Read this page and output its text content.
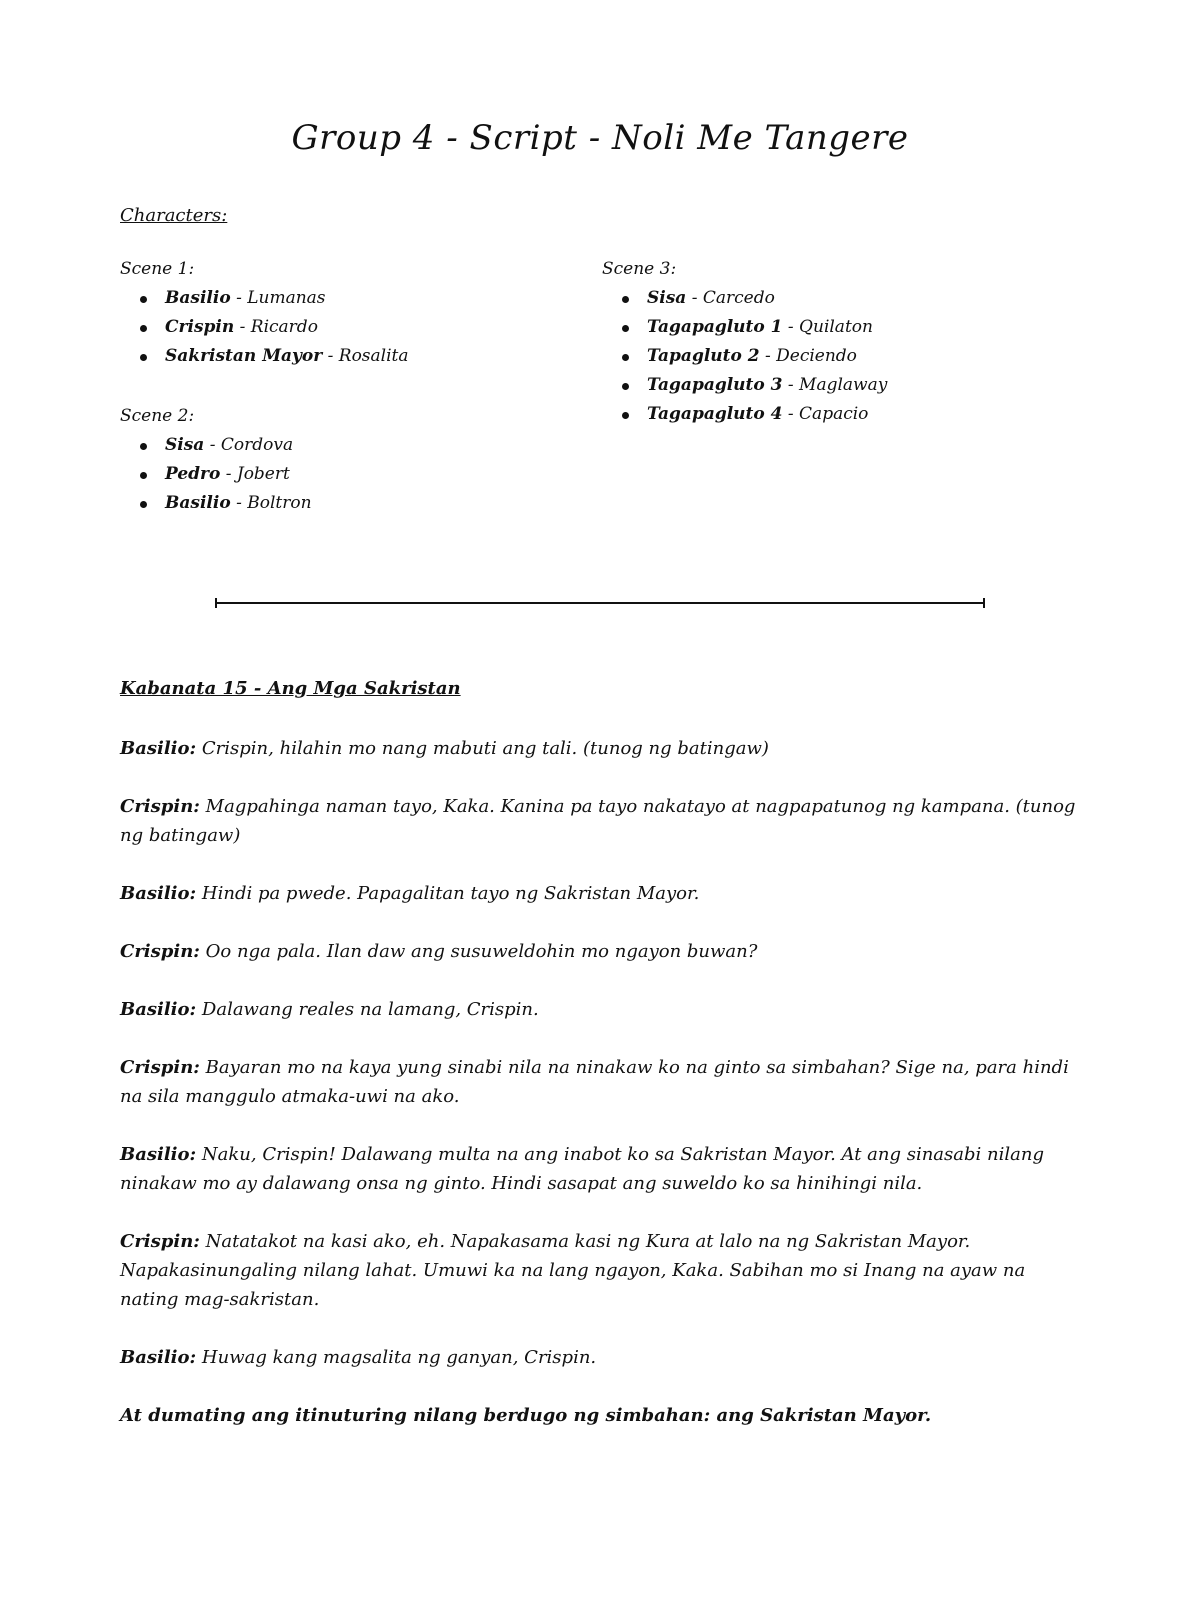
Group 4 - Script - Noli Me Tangere

Characters:

Scene 1:

Basilio - Lumanas
Crispin - Ricardo
Sakristan Mayor - Rosalita

Scene 2:

Sisa - Cordova
Pedro - Jobert
Basilio - Boltron

Scene 3:

Sisa - Carcedo
Tagapagluto 1 - Quilaton
Tapagluto 2 - Deciendo
Tagapagluto 3 - Maglaway
Tagapagluto 4 - Capacio

Kabanata 15 - Ang Mga Sakristan

Basilio: Crispin, hilahin mo nang mabuti ang tali. (tunog ng batingaw)

Crispin: Magpahinga naman tayo, Kaka. Kanina pa tayo nakatayo at nagpapatunog ng kampana. (tunog ng batingaw)

Basilio: Hindi pa pwede. Papagalitan tayo ng Sakristan Mayor.

Crispin: Oo nga pala. Ilan daw ang susuweldohin mo ngayon buwan?

Basilio: Dalawang reales na lamang, Crispin.

Crispin: Bayaran mo na kaya yung sinabi nila na ninakaw ko na ginto sa simbahan? Sige na, para hindi na sila manggulo atmaka-uwi na ako.

Basilio: Naku, Crispin! Dalawang multa na ang inabot ko sa Sakristan Mayor. At ang sinasabi nilang ninakaw mo ay dalawang onsa ng ginto. Hindi sasapat ang suweldo ko sa hinihingi nila.

Crispin: Natatakot na kasi ako, eh. Napakasama kasi ng Kura at lalo na ng Sakristan Mayor. Napakasinungaling nilang lahat. Umuwi ka na lang ngayon, Kaka. Sabihan mo si Inang na ayaw na nating mag-sakristan.

Basilio: Huwag kang magsalita ng ganyan, Crispin.

At dumating ang itinuturing nilang berdugo ng simbahan: ang Sakristan Mayor.
